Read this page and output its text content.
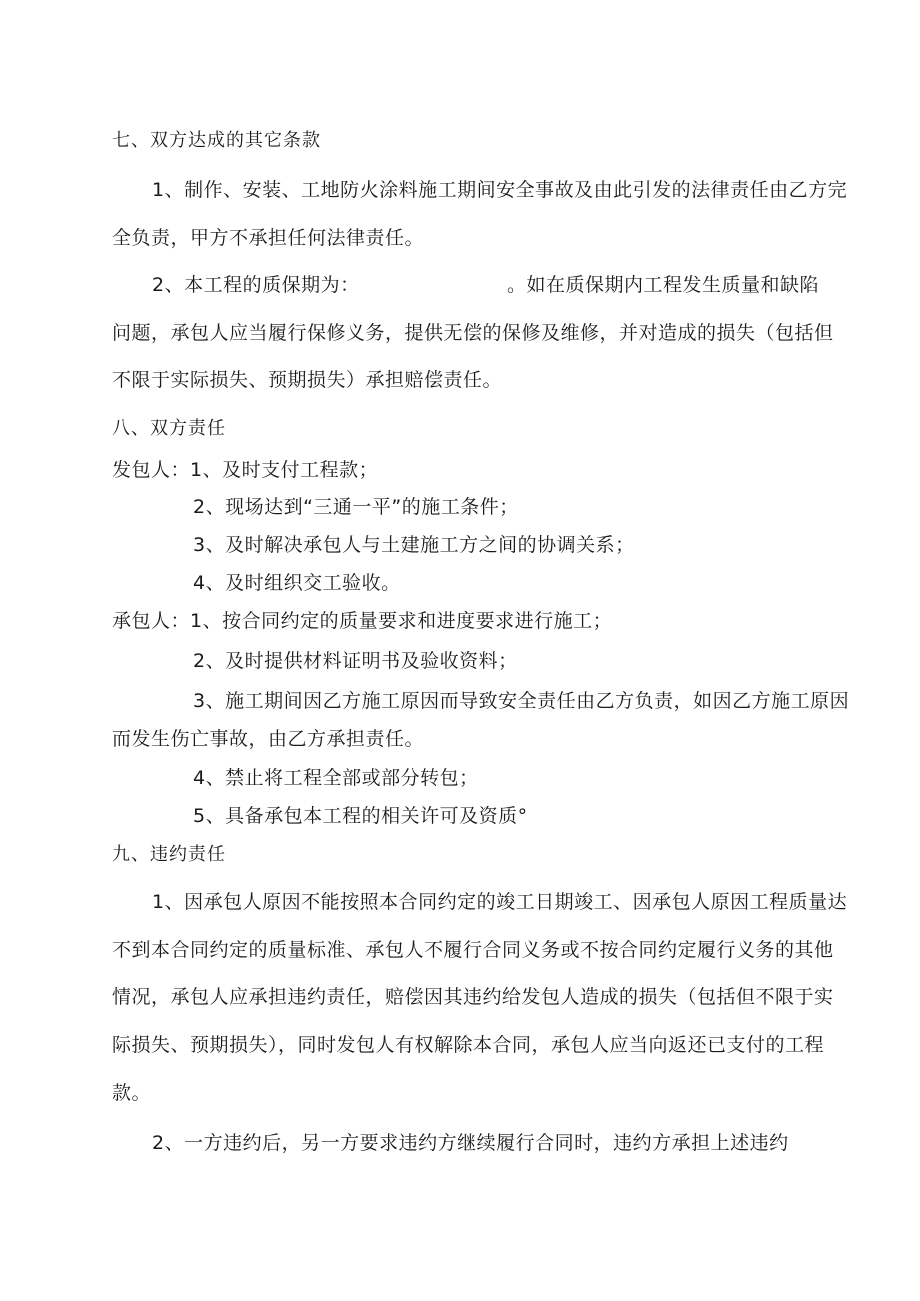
七、双方达成的其它条款
1、制作、安装、工地防火涂料施工期间安全事故及由此引发的法律责任由乙方完
全负责，甲方不承担任何法律责任。
2、本工程的质保期为：	。如在质保期内工程发生质量和缺陷
问题，承包人应当履行保修义务，提供无偿的保修及维修，并对造成的损失（包括但
不限于实际损失、预期损失）承担赔偿责任。
八、双方责任
发包人：1、及时支付工程款；
2、现场达到“三通一平”的施工条件；
3、及时解决承包人与土建施工方之间的协调关系；
4、及时组织交工验收。
承包人：1、按合同约定的质量要求和进度要求进行施工；
2、及时提供材料证明书及验收资料；
3、施工期间因乙方施工原因而导致安全责任由乙方负责，如因乙方施工原因
而发生伤亡事故，由乙方承担责任。
4、禁止将工程全部或部分转包；
5、具备承包本工程的相关许可及资质°
九、违约责任
1、因承包人原因不能按照本合同约定的竣工日期竣工、因承包人原因工程质量达
不到本合同约定的质量标准、承包人不履行合同义务或不按合同约定履行义务的其他
情况，承包人应承担违约责任，赔偿因其违约给发包人造成的损失（包括但不限于实
际损失、预期损失），同时发包人有权解除本合同，承包人应当向返还已支付的工程
款。
2、一方违约后，另一方要求违约方继续履行合同时，违约方承担上述违约
